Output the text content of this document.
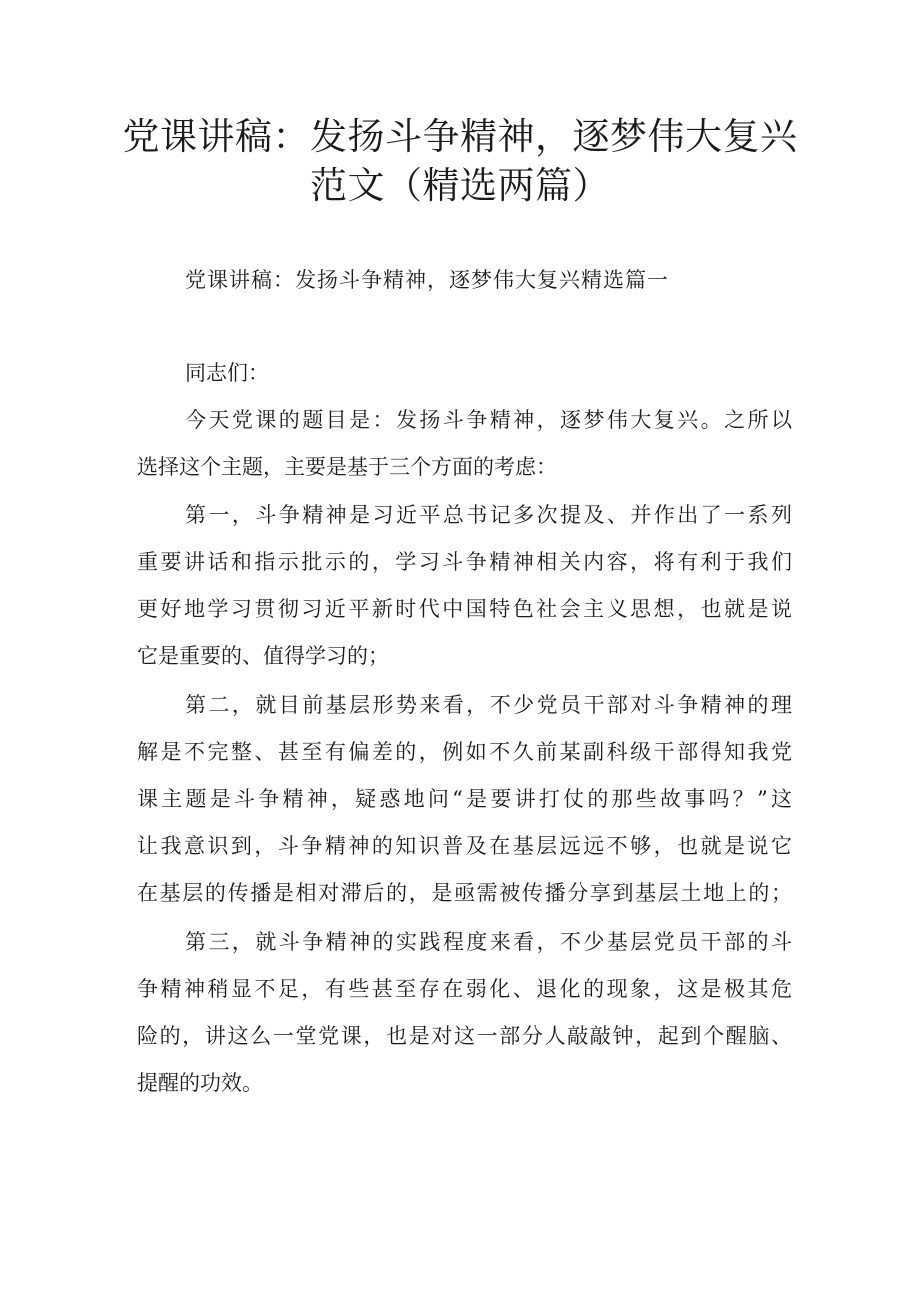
党课讲稿：发扬斗争精神，逐梦伟大复兴
范文（精选两篇）

党课讲稿：发扬斗争精神，逐梦伟大复兴精选篇一

同志们：

今天党课的题目是：发扬斗争精神，逐梦伟大复兴。之所以

选择这个主题，主要是基于三个方面的考虑：

第一，斗争精神是习近平总书记多次提及、并作出了一系列

重要讲话和指示批示的，学习斗争精神相关内容，将有利于我们

更好地学习贯彻习近平新时代中国特色社会主义思想，也就是说

它是重要的、值得学习的；

第二，就目前基层形势来看，不少党员干部对斗争精神的理

解是不完整、甚至有偏差的，例如不久前某副科级干部得知我党

课主题是斗争精神，疑惑地问“是要讲打仗的那些故事吗？”这

让我意识到，斗争精神的知识普及在基层远远不够，也就是说它

在基层的传播是相对滞后的，是亟需被传播分享到基层土地上的；

第三，就斗争精神的实践程度来看，不少基层党员干部的斗

争精神稍显不足，有些甚至存在弱化、退化的现象，这是极其危

险的，讲这么一堂党课，也是对这一部分人敲敲钟，起到个醒脑、

提醒的功效。
